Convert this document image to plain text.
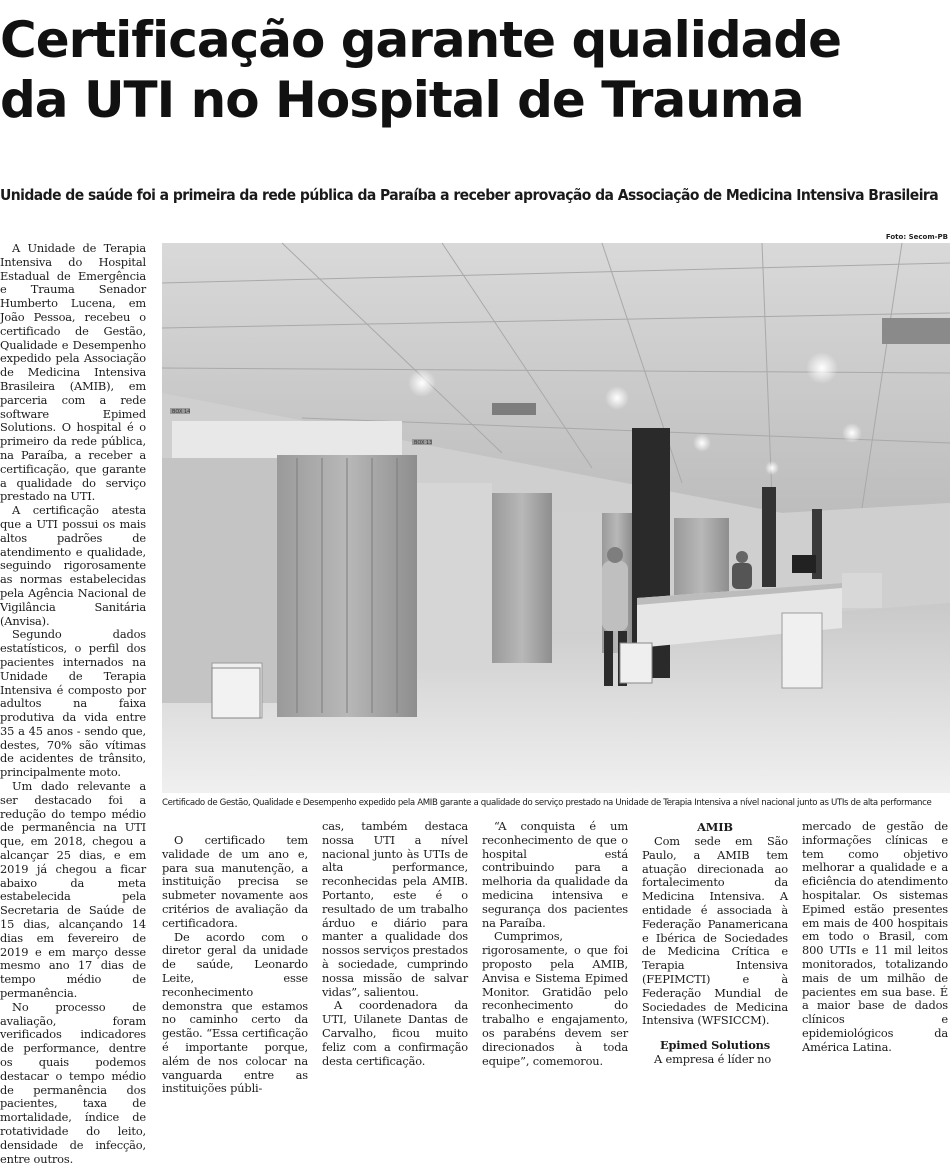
Certificação garante qualidade
da UTI no Hospital de Trauma
Unidade de saúde foi a primeira da rede pública da Paraíba a receber aprovação da Associação de Medicina Intensiva Brasileira
Foto: Secom-PB

A Unidade de Terapia Intensiva do Hospital Estadual de Emergência e Trauma Senador Humberto Lucena, em João Pessoa, recebeu o certificado de Gestão, Qualidade e Desempenho expedido pela Associação de Medicina Intensiva Brasileira (AMIB), em parceria com a rede software Epimed Solutions. O hospital é o primeiro da rede pública, na Paraíba, a receber a certificação, que garante a qualidade do serviço prestado na UTI.

A certificação atesta que a UTI possui os mais altos padrões de atendimento e qualidade, seguindo rigorosamente as normas estabelecidas pela Agência Nacional de Vigilância Sanitária (Anvisa).

Segundo dados estatísticos, o perfil dos pacientes internados na Unidade de Terapia Intensiva é composto por adultos na faixa produtiva da vida entre 35 a 45 anos - sendo que, destes, 70% são vítimas de acidentes de trânsito, principalmente moto.

Um dado relevante a ser destacado foi a redução do tempo médio de permanência na UTI que, em 2018, chegou a alcançar 25 dias, e em 2019 já chegou a ficar abaixo da meta estabelecida pela Secretaria de Saúde de 15 dias, alcançando 14 dias em fevereiro de 2019 e em março desse mesmo ano 17 dias de tempo médio de permanência.

No processo de avaliação, foram verificados indicadores de performance, dentre os quais podemos destacar o tempo médio de permanência dos pacientes, taxa de mortalidade, índice de rotatividade do leito, densidade de infecção, entre outros.

BOX 14
BOX 13
Certificado de Gestão, Qualidade e Desempenho expedido pela AMIB garante a qualidade do serviço prestado na Unidade de Terapia Intensiva a nível nacional junto as UTIs de alta performance

O certificado tem validade de um ano e, para sua manutenção, a instituição precisa se submeter novamente aos critérios de avaliação da certificadora.

De acordo com o diretor geral da unidade de saúde, Leonardo Leite, esse reconhecimento demonstra que estamos no caminho certo da gestão. “Essa certificação é importante porque, além de nos colocar na vanguarda entre as instituições públi-

cas, também destaca nossa UTI a nível nacional junto às UTIs de alta performance, reconhecidas pela AMIB. Portanto, este é o resultado de um trabalho árduo e diário para manter a qualidade dos nossos serviços prestados à sociedade, cumprindo nossa missão de salvar vidas”, salientou.

A coordenadora da UTI, Uilanete Dantas de Carvalho, ficou muito feliz com a confirmação desta certificação.

“A conquista é um reconhecimento de que o hospital está contribuindo para a melhoria da qualidade da medicina intensiva e segurança dos pacientes na Paraíba.

Cumprimos, rigorosamente, o que foi proposto pela AMIB, Anvisa e Sistema Epimed Monitor. Gratidão pelo reconhecimento do trabalho e engajamento, os parabéns devem ser direcionados à toda equipe”, comemorou.

AMIB

Com sede em São Paulo, a AMIB tem atuação direcionada ao fortalecimento da Medicina Intensiva. A entidade é associada à Federação Panamericana e Ibérica de Sociedades de Medicina Crítica e Terapia Intensiva (FEPIMCTI) e à Federação Mundial de Sociedades de Medicina Intensiva (WFSICCM).

Epimed Solutions

A empresa é líder no

mercado de gestão de informações clínicas e tem como objetivo melhorar a qualidade e a eficiência do atendimento hospitalar. Os sistemas Epimed estão presentes em mais de 400 hospitais em todo o Brasil, com 800 UTIs e 11 mil leitos monitorados, totalizando mais de um milhão de pacientes em sua base. É a maior base de dados clínicos e epidemiológicos da América Latina.
